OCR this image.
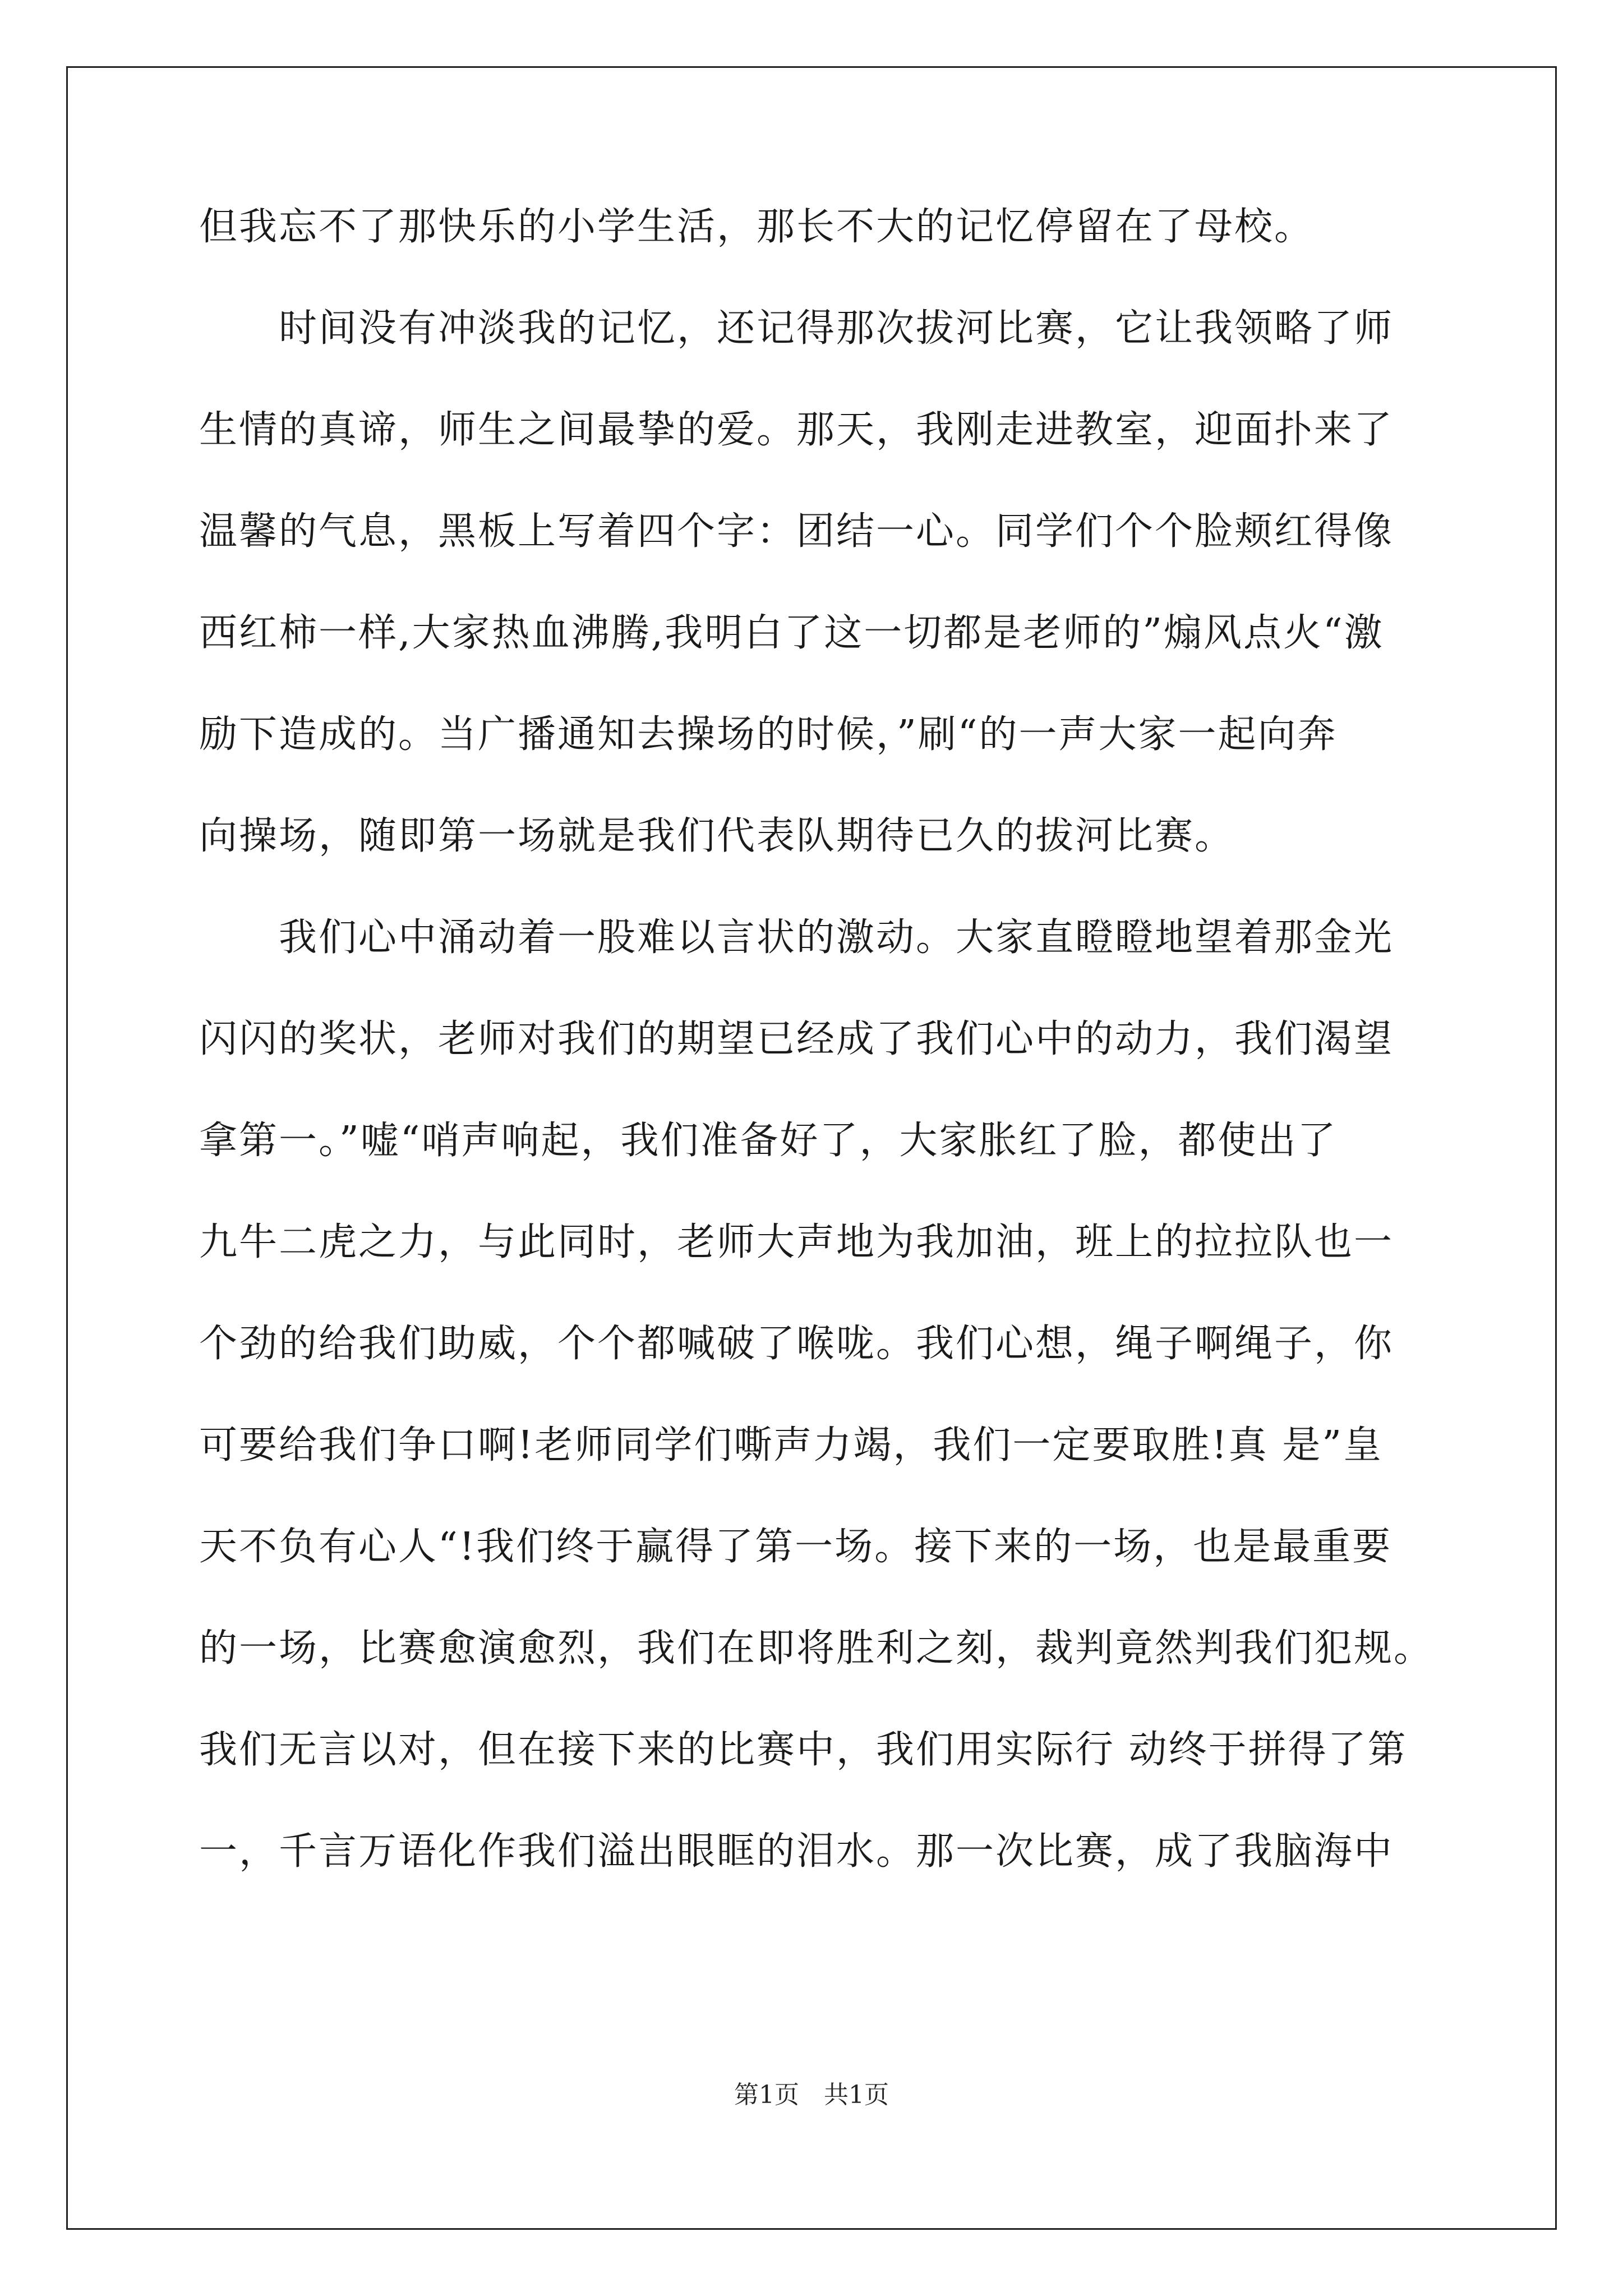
但我忘不了那快乐的小学生活，那长不大的记忆停留在了母校。
　　时间没有冲淡我的记忆，还记得那次拔河比赛，它让我领略了师
生情的真谛，师生之间最挚的爱。那天，我刚走进教室，迎面扑来了
温馨的气息，黑板上写着四个字：团结一心。同学们个个脸颊红得像
西红柿一样,大家热血沸腾,我明白了这一切都是老师的”煽风点火“激
励下造成的。当广播通知去操场的时候，”刷“的一声大家一起向奔
向操场，随即第一场就是我们代表队期待已久的拔河比赛。
　　我们心中涌动着一股难以言状的激动。大家直瞪瞪地望着那金光
闪闪的奖状，老师对我们的期望已经成了我们心中的动力，我们渴望
拿第一。”嘘“哨声响起，我们准备好了，大家胀红了脸，都使出了
九牛二虎之力，与此同时，老师大声地为我加油，班上的拉拉队也一
个劲的给我们助威，个个都喊破了喉咙。我们心想，绳子啊绳子，你
可要给我们争口啊!老师同学们嘶声力竭，我们一定要取胜!真 是”皇
天不负有心人“!我们终于赢得了第一场。接下来的一场，也是最重要
的一场，比赛愈演愈烈，我们在即将胜利之刻，裁判竟然判我们犯规。
我们无言以对，但在接下来的比赛中，我们用实际行 动终于拼得了第
一，千言万语化作我们溢出眼眶的泪水。那一次比赛，成了我脑海中
第1页　共1页
